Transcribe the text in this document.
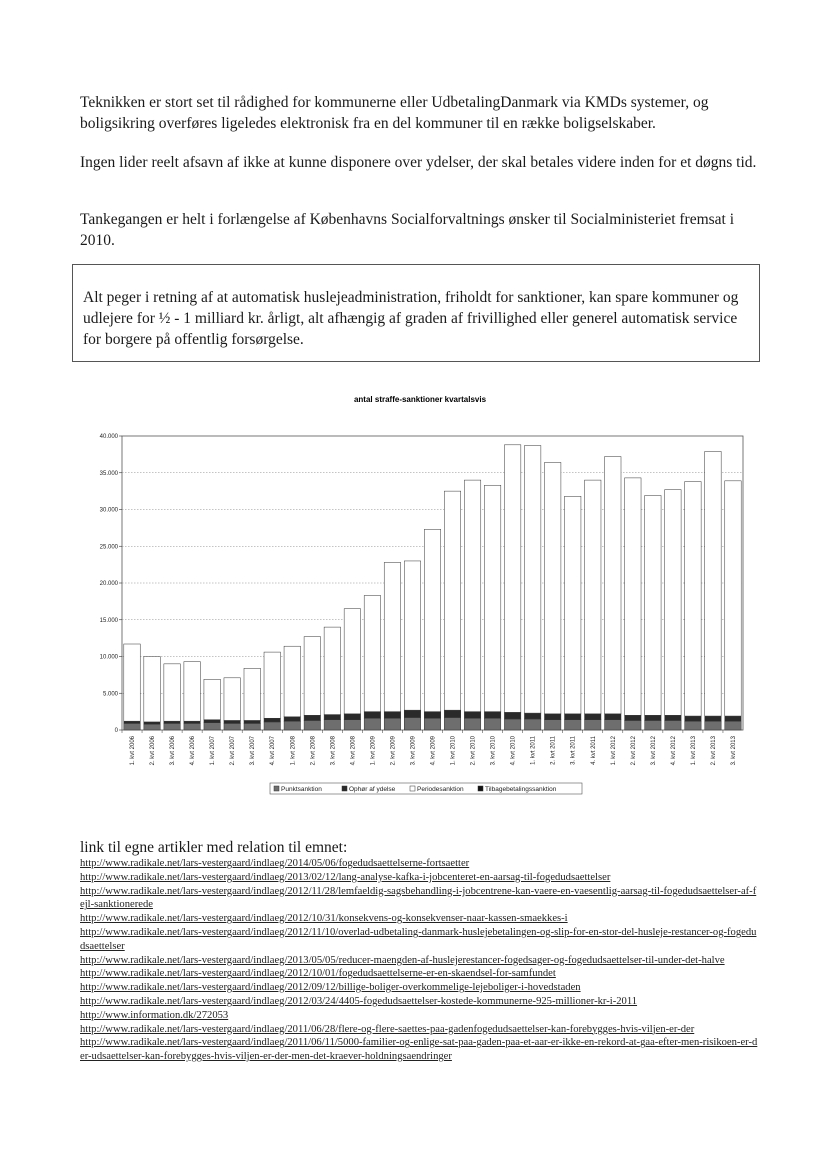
Teknikken er stort set til rådighed for kommunerne eller UdbetalingDanmark via KMDs systemer, og boligsikring overføres ligeledes elektronisk fra en del kommuner til en række boligselskaber.

Ingen lider reelt afsavn af ikke at kunne disponere over ydelser, der skal betales videre inden for et døgns tid.

Tankegangen er helt i forlængelse af Københavns Socialforvaltnings ønsker til Socialministeriet fremsat i 2010.

Alt peger i retning af at automatisk huslejeadministration, friholdt for sanktioner, kan spare kommuner og udlejere for ½ - 1 milliard kr. årligt, alt afhængig af graden af frivillighed eller generel automatisk service for borgere på offentlig forsørgelse.

antal straffe-sanktioner kvartalsvis
0
5.000
10.000
15.000
20.000
25.000
30.000
35.000
40.000
1. kvt 2006 2. kvt 2006 3. kvt 2006 4. kvt 2006 1. kvt 2007 2. kvt 2007 3. kvt 2007 4. kvt 2007 1. kvt 2008 2. kvt 2008 3. kvt 2008 4. kvt 2008 1. kvt 2009 2. kvt 2009 3. kvt 2009 4. kvt 2009 1. kvt 2010 2. kvt 2010 3. kvt 2010 4. kvt 2010 1. kvt 2011 2. kvt 2011 3. kvt 2011 4. kvt 2011 1. kvt 2012 2. kvt 2012 3. kvt 2012 4. kvt 2012 1. kvt 2013 2. kvt 2013 3. kvt 2013
Punktsanktion	Ophør af ydelse	Periodesanktion	Tilbagebetalingssanktion

link til egne artikler med relation til emnet:

http://www.radikale.net/lars-vestergaard/indlaeg/2014/05/06/fogedudsaettelserne-fortsaetter
http://www.radikale.net/lars-vestergaard/indlaeg/2013/02/12/lang-analyse-kafka-i-jobcenteret-en-aarsag-til-fogedudsaettelser
http://www.radikale.net/lars-vestergaard/indlaeg/2012/11/28/lemfaeldig-sagsbehandling-i-jobcentrene-kan-vaere-en-vaesentlig-aarsag-til-fogedudsaettelser-af-fejl-sanktionerede
http://www.radikale.net/lars-vestergaard/indlaeg/2012/10/31/konsekvens-og-konsekvenser-naar-kassen-smaekkes-i
http://www.radikale.net/lars-vestergaard/indlaeg/2012/11/10/overlad-udbetaling-danmark-huslejebetalingen-og-slip-for-en-stor-del-husleje-restancer-og-fogedudsaettelser
http://www.radikale.net/lars-vestergaard/indlaeg/2013/05/05/reducer-maengden-af-huslejerestancer-fogedsager-og-fogedudsaettelser-til-under-det-halve
http://www.radikale.net/lars-vestergaard/indlaeg/2012/10/01/fogedudsaettelserne-er-en-skaendsel-for-samfundet
http://www.radikale.net/lars-vestergaard/indlaeg/2012/09/12/billige-boliger-overkommelige-lejeboliger-i-hovedstaden
http://www.radikale.net/lars-vestergaard/indlaeg/2012/03/24/4405-fogedudsaettelser-kostede-kommunerne-925-millioner-kr-i-2011
http://www.information.dk/272053
http://www.radikale.net/lars-vestergaard/indlaeg/2011/06/28/flere-og-flere-saettes-paa-gadenfogedudsaettelser-kan-forebygges-hvis-viljen-er-der
http://www.radikale.net/lars-vestergaard/indlaeg/2011/06/11/5000-familier-og-enlige-sat-paa-gaden-paa-et-aar-er-ikke-en-rekord-at-gaa-efter-men-risikoen-er-der-udsaettelser-kan-forebygges-hvis-viljen-er-der-men-det-kraever-holdningsaendringer
